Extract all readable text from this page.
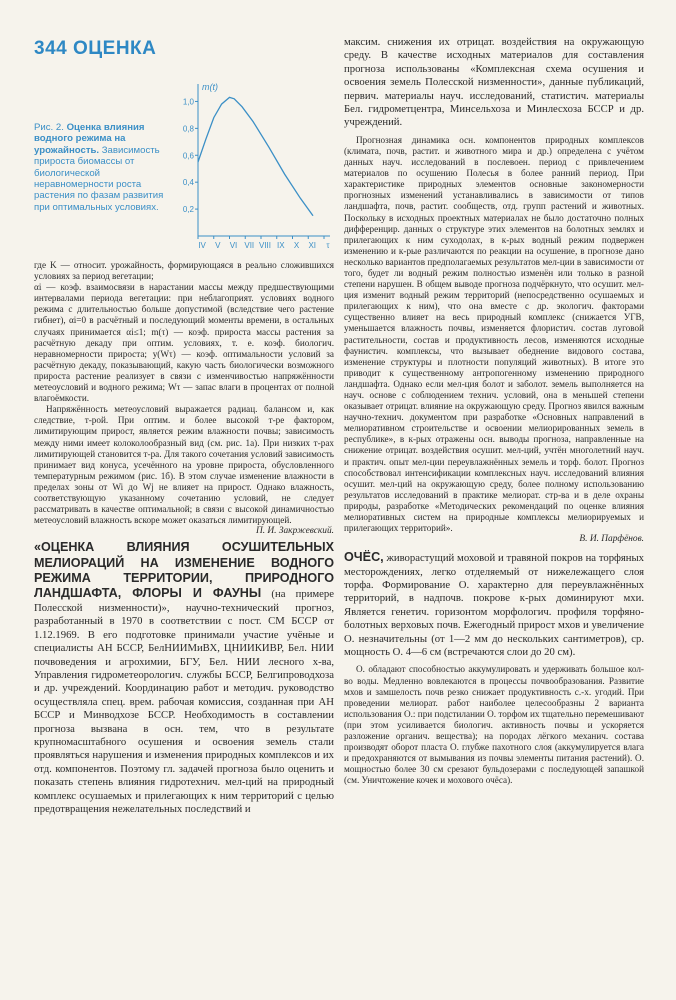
344 ОЦЕНКА
Рис. 2. Оценка влияния водного режима на урожайность. Зависимость прироста биомассы от биологической неравномерности роста растения по фазам развития при оптимальных условиях.
m(t)
0,2
0,4
0,6
0,8
1,0
IV V VI VII VIII IX X XI τ

где K — относит. урожайность, формирующаяся в реально сложившихся условиях за период вегетации;

αi — коэф. взаимосвязи в нарастании массы между предшествующими интервалами периода вегетации: при неблагоприят. условиях водного режима с длительностью больше допустимой (вследствие чего растение гибнет), αi=0 в расчётный и последующий моменты времени, в остальных случаях принимается αi≤1; m(τ) — коэф. прироста массы растения за расчётную декаду при оптим. условиях, т. е. коэф. биологич. неравномерности прироста; y(Wτ) — коэф. оптимальности условий за расчётную декаду, показывающий, какую часть биологически возможного прироста растение реализует в связи с изменчивостью напряжённости метеоусловий и водного режима; Wτ — запас влаги в процентах от полной влагоёмкости.

Напряжённость метеоусловий выражается радиац. балансом и, как следствие, т-рой. При оптим. и более высокой т-ре фактором, лимитирующим прирост, является режим влажности почвы; зависимость между ними имеет колоколообразный вид (см. рис. 1а). При низких т-рах лимитирующей становится т-ра. Для такого сочетания условий зависимость принимает вид конуса, усечённого на уровне прироста, обусловленного температурным режимом (рис. 1б). В этом случае изменение влажности в пределах зоны от Wi до Wj не влияет на прирост. Однако влажность, соответствующую указанному сочетанию условий, не следует рассматривать в качестве оптимальной; в связи с высокой динамичностью метеоусловий влажность вскоре может оказаться лимитирующей.

П. И. Закржевский.

«ОЦЕНКА ВЛИЯНИЯ ОСУШИТЕЛЬНЫХ МЕЛИОРАЦИЙ НА ИЗМЕНЕНИЕ ВОДНОГО РЕЖИМА ТЕРРИТОРИИ, ПРИРОДНОГО ЛАНДШАФТА, ФЛОРЫ И ФАУНЫ (на примере Полесской низменности)», научно-технический прогноз, разработанный в 1970 в соответствии с пост. СМ БССР от 1.12.1969. В его подготовке принимали участие учёные и специалисты АН БССР, БелНИИМиВХ, ЦНИИКИВР, Бел. НИИ почвоведения и агрохимии, БГУ, Бел. НИИ лесного х-ва, Управления гидрометеорологич. службы БССР, Белгипроводхоза и др. учреждений. Координацию работ и методич. руководство осуществляла спец. врем. рабочая комиссия, созданная при АН БССР и Минводхозе БССР. Необходимость в составлении прогноза вызвана в осн. тем, что в результате крупномасштабного осушения и освоения земель стали проявляться нарушения и изменения природных комплексов и их отд. компонентов. Поэтому гл. задачей прогноза было оценить и показать степень влияния гидротехнич. мел-ций на природный комплекс осушаемых и прилегающих к ним территорий с целью предотвращения нежелательных последствий и

максим. снижения их отрицат. воздействия на окружающую среду. В качестве исходных материалов для составления прогноза использованы «Комплексная схема осушения и освоения земель Полесской низменности», данные публикаций, первич. материалы науч. исследований, статистич. материалы Бел. гидрометцентра, Минсельхоза и Минлесхоза БССР и др. учреждений.

Прогнозная динамика осн. компонентов природных комплексов (климата, почв, растит. и животного мира и др.) определена с учётом данных науч. исследований в послевоен. период с привлечением материалов по осушению Полесья в более ранний период. При характеристике природных элементов основные закономерности прогнозных изменений устанавливались в зависимости от типов ландшафта, почв, растит. сообществ, отд. групп растений и животных. Поскольку в исходных проектных материалах не было достаточно полных дифференцир. данных о структуре этих элементов на болотных землях и прилегающих к ним суходолах, в к-рых водный режим подвержен изменению и к-рые различаются по реакции на осушение, в прогнозе дано несколько вариантов предполагаемых результатов мел-ции в зависимости от того, будет ли водный режим полностью изменён или только в разной степени нарушен. В общем выводе прогноза подчёркнуто, что осушит. мел-ция изменит водный режим территорий (непосредственно осушаемых и прилегающих к ним), что она вместе с др. экологич. факторами существенно влияет на весь природный комплекс (снижается УГВ, уменьшается влажность почвы, изменяется флористич. состав луговой растительности, состав и продуктивность лесов, изменяются исходные фаунистич. комплексы, что вызывает обеднение видового состава, изменение структуры и плотности популяций животных). В итоге это приводит к существенному антропогенному изменению природного ландшафта. Однако если мел-ция болот и заболот. земель выполняется на науч. основе с соблюдением технич. условий, она в меньшей степени оказывает отрицат. влияние на окружающую среду. Прогноз явился важным научно-технич. документом при разработке «Основных направлений в мелиоративном строительстве и освоении мелиорированных земель в республике», в к-рых отражены осн. выводы прогноза, направленные на снижение отрицат. воздействия осушит. мел-ций, учтён многолетний науч. и практич. опыт мел-ции переувлажнённых земель и торф. болот. Прогноз способствовал интенсификации комплексных науч. исследований влияния осушит. мел-ций на окружающую среду, более полному использованию результатов исследований в практике мелиорат. стр-ва и в деле охраны природы, разработке «Методических рекомендаций по оценке влияния мелиоративных систем на природные комплексы мелиорируемых и прилегающих территорий».

В. И. Парфёнов.

ОЧЁС, живорастущий моховой и травяной покров на торфяных месторождениях, легко отделяемый от нижележащего слоя торфа. Формирование О. характерно для переувлажнённых территорий, в надпочв. покрове к-рых доминируют мхи. Является генетич. горизонтом морфологич. профиля торфяно-болотных верховых почв. Ежегодный прирост мхов и увеличение О. незначительны (от 1—2 мм до нескольких сантиметров), ср. мощность О. 4—6 см (встречаются слои до 20 см).

О. обладают способностью аккумулировать и удерживать большое кол-во воды. Медленно вовлекаются в процессы почвообразования. Развитие мхов и замшелость почв резко снижает продуктивность с.-х. угодий. При проведении мелиорат. работ наиболее целесообразны 2 варианта использования О.: при подстилании О. торфом их тщательно перемешивают (при этом усиливается биологич. активность почвы и ускоряется разложение органич. вещества); на породах лёгкого механич. состава производят оборот пласта О. глубже пахотного слоя (аккумулируется влага и предохраняются от вымывания из почвы элементы питания растений). О. мощностью более 30 см срезают бульдозерами с последующей запашкой (см. Уничтожение кочек и мохового очёса).
